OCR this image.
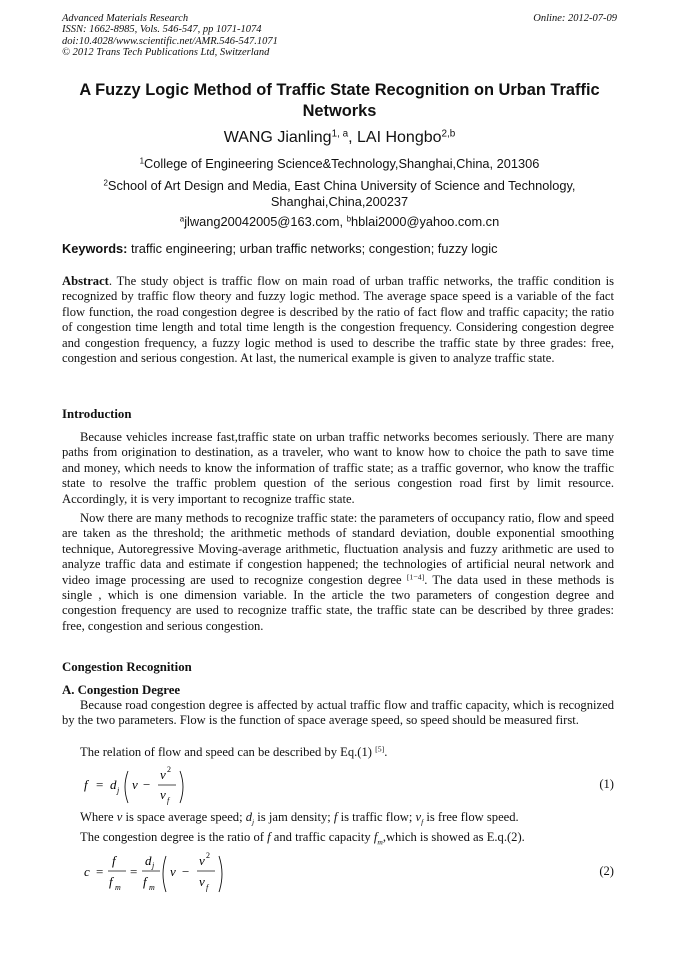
Advanced Materials Research
ISSN: 1662-8985, Vols. 546-547, pp 1071-1074
doi:10.4028/www.scientific.net/AMR.546-547.1071
© 2012 Trans Tech Publications Ltd, Switzerland
Online: 2012-07-09
A Fuzzy Logic Method of Traffic State Recognition on Urban Traffic Networks
WANG Jianling$^{1, a}$, LAI Hongbo$^{2,b}$
$^1$College of Engineering Science&Technology,Shanghai,China, 201306
$^2$School of Art Design and Media, East China University of Science and Technology, Shanghai,China,200237
$^a$jlwang20042005@163.com, $^b$hblai2000@yahoo.com.cn
Keywords: traffic engineering; urban traffic networks; congestion; fuzzy logic
Abstract. The study object is traffic flow on main road of urban traffic networks, the traffic condition is recognized by traffic flow theory and fuzzy logic method. The average space speed is a variable of the fact flow function, the road congestion degree is described by the ratio of fact flow and traffic capacity; the ratio of congestion time length and total time length is the congestion frequency. Considering congestion degree and congestion frequency, a fuzzy logic method is used to describe the traffic state by three grades: free, congestion and serious congestion. At last, the numerical example is given to analyze traffic state.
Introduction
Because vehicles increase fast,traffic state on urban traffic networks becomes seriously. There are many paths from origination to destination, as a traveler, who want to know how to choice the path to save time and money, which needs to know the information of traffic state; as a traffic governor, who know the traffic state to resolve the traffic problem question of the serious congestion road first by limit resource. Accordingly, it is very important to recognize traffic state.
Now there are many methods to recognize traffic state: the parameters of occupancy ratio, flow and speed are taken as the threshold; the arithmetic methods of standard deviation, double exponential smoothing technique, Autoregressive Moving-average arithmetic, fluctuation analysis and fuzzy arithmetic are used to analyze traffic data and estimate if congestion happened; the technologies of artificial neural network and video image processing are used to recognize congestion degree [1−4]. The data used in these methods is single , which is one dimension variable. In the article the two parameters of congestion degree and congestion frequency are used to recognize traffic state, the traffic state can be described by three grades: free, congestion and serious congestion.
Congestion Recognition
A. Congestion Degree
Because road congestion degree is affected by actual traffic flow and traffic capacity, which is recognized by the two parameters. Flow is the function of space average speed, so speed should be measured first.
The relation of flow and speed can be described by Eq.(1) [5].
f = d j v −
v 2
v f
(1)
Where v is space average speed; $d_j$ is jam density; f is traffic flow; $v_f$ is free flow speed.
The congestion degree is the ratio of f and traffic capacity $f_m,which$ is showed as E.q.(2).
c =
f
f m
=
d j
f m
v −
v 2
v f
(2)
